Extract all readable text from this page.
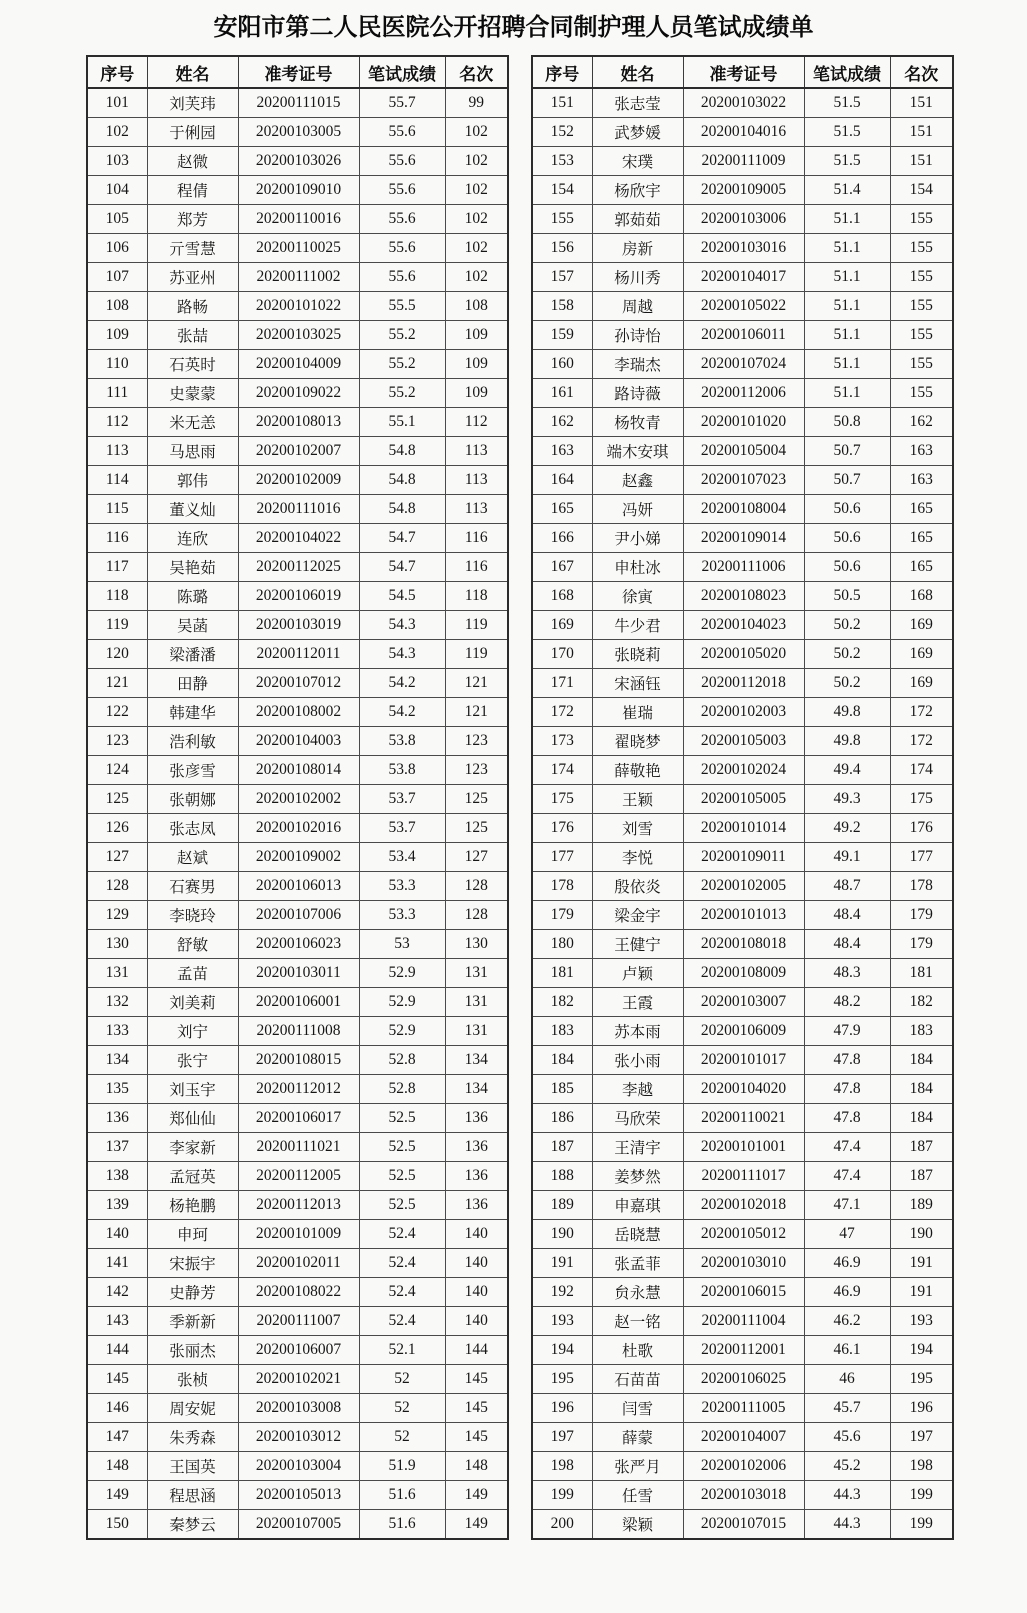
安阳市第二人民医院公开招聘合同制护理人员笔试成绩单
序号	姓名	准考证号	笔试成绩	名次
101	刘芙玮	20200111015	55.7	99
102	于俐园	20200103005	55.6	102
103	赵微	20200103026	55.6	102
104	程倩	20200109010	55.6	102
105	郑芳	20200110016	55.6	102
106	亓雪慧	20200110025	55.6	102
107	苏亚州	20200111002	55.6	102
108	路畅	20200101022	55.5	108
109	张喆	20200103025	55.2	109
110	石英时	20200104009	55.2	109
111	史蒙蒙	20200109022	55.2	109
112	米无恙	20200108013	55.1	112
113	马思雨	20200102007	54.8	113
114	郭伟	20200102009	54.8	113
115	董义灿	20200111016	54.8	113
116	连欣	20200104022	54.7	116
117	吴艳茹	20200112025	54.7	116
118	陈璐	20200106019	54.5	118
119	吴菡	20200103019	54.3	119
120	梁潘潘	20200112011	54.3	119
121	田静	20200107012	54.2	121
122	韩建华	20200108002	54.2	121
123	浩利敏	20200104003	53.8	123
124	张彦雪	20200108014	53.8	123
125	张朝娜	20200102002	53.7	125
126	张志凤	20200102016	53.7	125
127	赵斌	20200109002	53.4	127
128	石赛男	20200106013	53.3	128
129	李晓玲	20200107006	53.3	128
130	舒敏	20200106023	53	130
131	孟苗	20200103011	52.9	131
132	刘美莉	20200106001	52.9	131
133	刘宁	20200111008	52.9	131
134	张宁	20200108015	52.8	134
135	刘玉宇	20200112012	52.8	134
136	郑仙仙	20200106017	52.5	136
137	李家新	20200111021	52.5	136
138	孟冠英	20200112005	52.5	136
139	杨艳鹏	20200112013	52.5	136
140	申珂	20200101009	52.4	140
141	宋振宇	20200102011	52.4	140
142	史静芳	20200108022	52.4	140
143	季新新	20200111007	52.4	140
144	张丽杰	20200106007	52.1	144
145	张桢	20200102021	52	145
146	周安妮	20200103008	52	145
147	朱秀森	20200103012	52	145
148	王国英	20200103004	51.9	148
149	程思涵	20200105013	51.6	149
150	秦梦云	20200107005	51.6	149
序号	姓名	准考证号	笔试成绩	名次
151	张志莹	20200103022	51.5	151
152	武梦媛	20200104016	51.5	151
153	宋璞	20200111009	51.5	151
154	杨欣宇	20200109005	51.4	154
155	郭茹茹	20200103006	51.1	155
156	房新	20200103016	51.1	155
157	杨川秀	20200104017	51.1	155
158	周越	20200105022	51.1	155
159	孙诗怡	20200106011	51.1	155
160	李瑞杰	20200107024	51.1	155
161	路诗薇	20200112006	51.1	155
162	杨牧青	20200101020	50.8	162
163	端木安琪	20200105004	50.7	163
164	赵鑫	20200107023	50.7	163
165	冯妍	20200108004	50.6	165
166	尹小娣	20200109014	50.6	165
167	申杜冰	20200111006	50.6	165
168	徐寅	20200108023	50.5	168
169	牛少君	20200104023	50.2	169
170	张晓莉	20200105020	50.2	169
171	宋涵钰	20200112018	50.2	169
172	崔瑞	20200102003	49.8	172
173	翟晓梦	20200105003	49.8	172
174	薛敬艳	20200102024	49.4	174
175	王颖	20200105005	49.3	175
176	刘雪	20200101014	49.2	176
177	李悦	20200109011	49.1	177
178	殷依炎	20200102005	48.7	178
179	梁金宇	20200101013	48.4	179
180	王健宁	20200108018	48.4	179
181	卢颖	20200108009	48.3	181
182	王霞	20200103007	48.2	182
183	苏本雨	20200106009	47.9	183
184	张小雨	20200101017	47.8	184
185	李越	20200104020	47.8	184
186	马欣荣	20200110021	47.8	184
187	王清宇	20200101001	47.4	187
188	姜梦然	20200111017	47.4	187
189	申嘉琪	20200102018	47.1	189
190	岳晓慧	20200105012	47	190
191	张孟菲	20200103010	46.9	191
192	贠永慧	20200106015	46.9	191
193	赵一铭	20200111004	46.2	193
194	杜歌	20200112001	46.1	194
195	石苗苗	20200106025	46	195
196	闫雪	20200111005	45.7	196
197	薛蒙	20200104007	45.6	197
198	张严月	20200102006	45.2	198
199	任雪	20200103018	44.3	199
200	梁颖	20200107015	44.3	199
